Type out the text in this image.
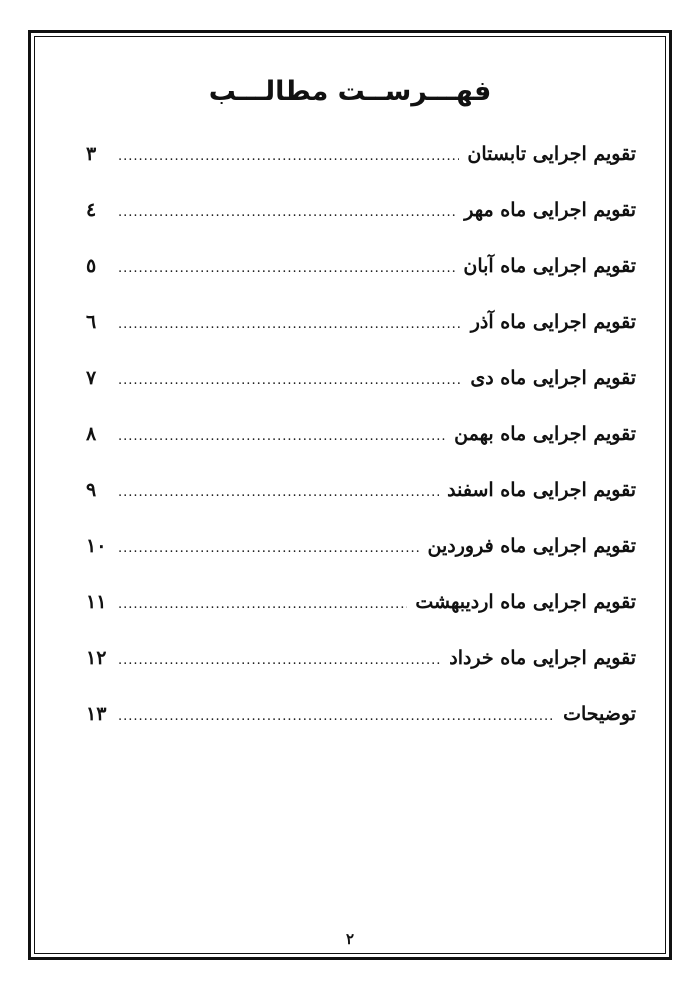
فهـــرســت مطالـــب
تقویم اجرایی تابستان
.....
۳
تقویم اجرایی ماه مهر
.....
٤
تقویم اجرایی ماه آبان
.....
٥
تقویم اجرایی ماه آذر
.....
٦
تقویم اجرایی ماه دی
.....
۷
تقویم اجرایی ماه بهمن
.....
۸
تقویم اجرایی ماه اسفند
.....
۹
تقویم اجرایی ماه فروردین
.....
۱۰
تقویم اجرایی ماه اردیبهشت
.....
۱۱
تقویم اجرایی ماه خرداد
.....
۱۲
توضیحات
.....
۱۳
۲
